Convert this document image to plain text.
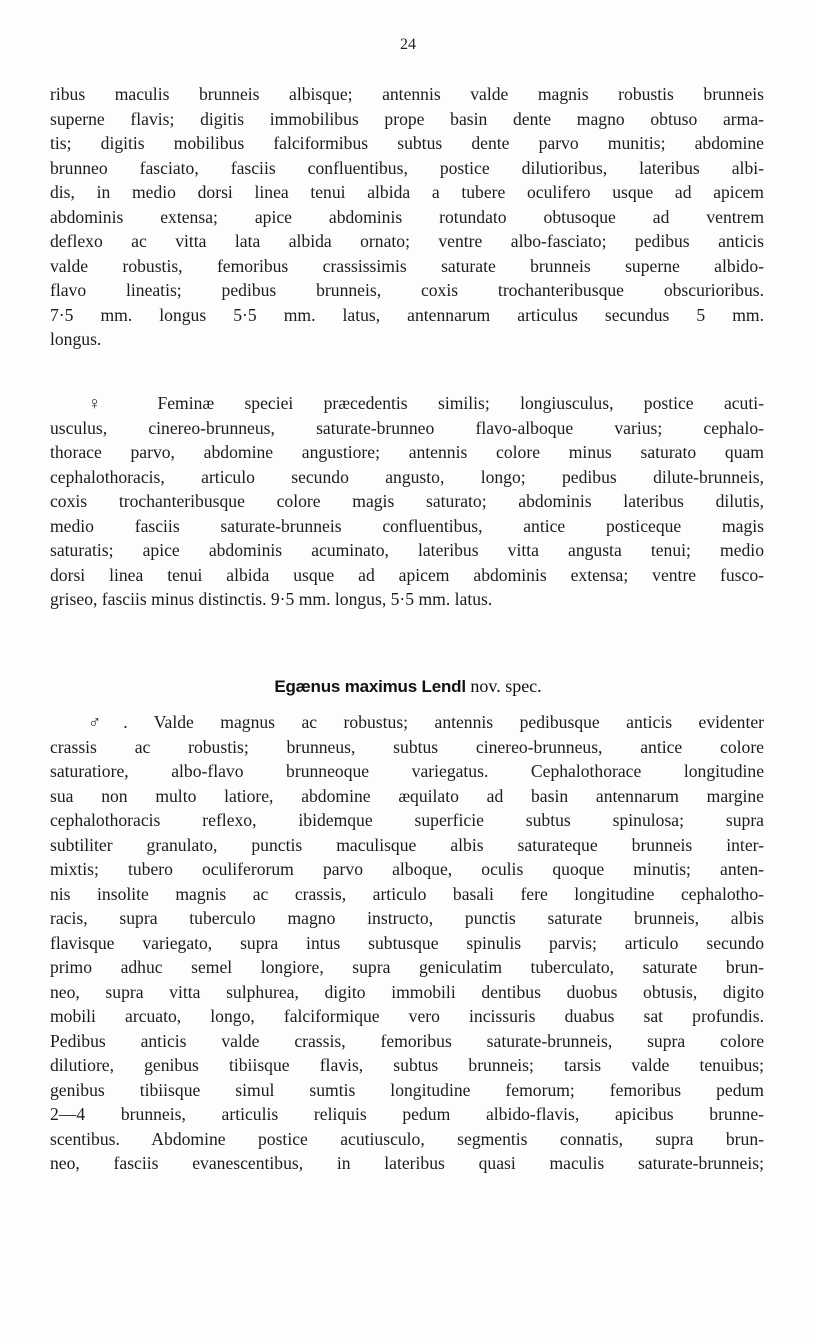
24
ribus maculis brunneis albisque; antennis valde magnis robustis brunneis
superne flavis; digitis immobilibus prope basin dente magno obtuso arma-
tis; digitis mobilibus falciformibus subtus dente parvo munitis; abdomine
brunneo fasciato, fasciis confluentibus, postice dilutioribus, lateribus albi-
dis, in medio dorsi linea tenui albida a tubere oculifero usque ad apicem
abdominis extensa; apice abdominis rotundato obtusoque ad ventrem
deflexo ac vitta lata albida ornato; ventre albo-fasciato; pedibus anticis
valde robustis, femoribus crassissimis saturate brunneis superne albido-
flavo lineatis; pedibus brunneis, coxis trochanteribusque obscurioribus.
7·5 mm. longus 5·5 mm. latus, antennarum articulus secundus 5 mm.
longus.
♀ Feminæ speciei præcedentis similis; longiusculus, postice acuti-
usculus, cinereo-brunneus, saturate-brunneo flavo-alboque varius; cephalo-
thorace parvo, abdomine angustiore; antennis colore minus saturato quam
cephalothoracis, articulo secundo angusto, longo; pedibus dilute-brunneis,
coxis trochanteribusque colore magis saturato; abdominis lateribus dilutis,
medio fasciis saturate-brunneis confluentibus, antice posticeque magis
saturatis; apice abdominis acuminato, lateribus vitta angusta tenui; medio
dorsi linea tenui albida usque ad apicem abdominis extensa; ventre fusco-
griseo, fasciis minus distinctis. 9·5 mm. longus, 5·5 mm. latus.
Egænus maximus Lendl nov. spec.
♂. Valde magnus ac robustus; antennis pedibusque anticis evidenter
crassis ac robustis; brunneus, subtus cinereo-brunneus, antice colore
saturatiore, albo-flavo brunneoque variegatus. Cephalothorace longitudine
sua non multo latiore, abdomine æquilato ad basin antennarum margine
cephalothoracis reflexo, ibidemque superficie subtus spinulosa; supra
subtiliter granulato, punctis maculisque albis saturateque brunneis inter-
mixtis; tubero oculiferorum parvo alboque, oculis quoque minutis; anten-
nis insolite magnis ac crassis, articulo basali fere longitudine cephalotho-
racis, supra tuberculo magno instructo, punctis saturate brunneis, albis
flavisque variegato, supra intus subtusque spinulis parvis; articulo secundo
primo adhuc semel longiore, supra geniculatim tuberculato, saturate brun-
neo, supra vitta sulphurea, digito immobili dentibus duobus obtusis, digito
mobili arcuato, longo, falciformique vero incissuris duabus sat profundis.
Pedibus anticis valde crassis, femoribus saturate-brunneis, supra colore
dilutiore, genibus tibiisque flavis, subtus brunneis; tarsis valde tenuibus;
genibus tibiisque simul sumtis longitudine femorum; femoribus pedum
2—4 brunneis, articulis reliquis pedum albido-flavis, apicibus brunne-
scentibus. Abdomine postice acutiusculo, segmentis connatis, supra brun-
neo, fasciis evanescentibus, in lateribus quasi maculis saturate-brunneis;
